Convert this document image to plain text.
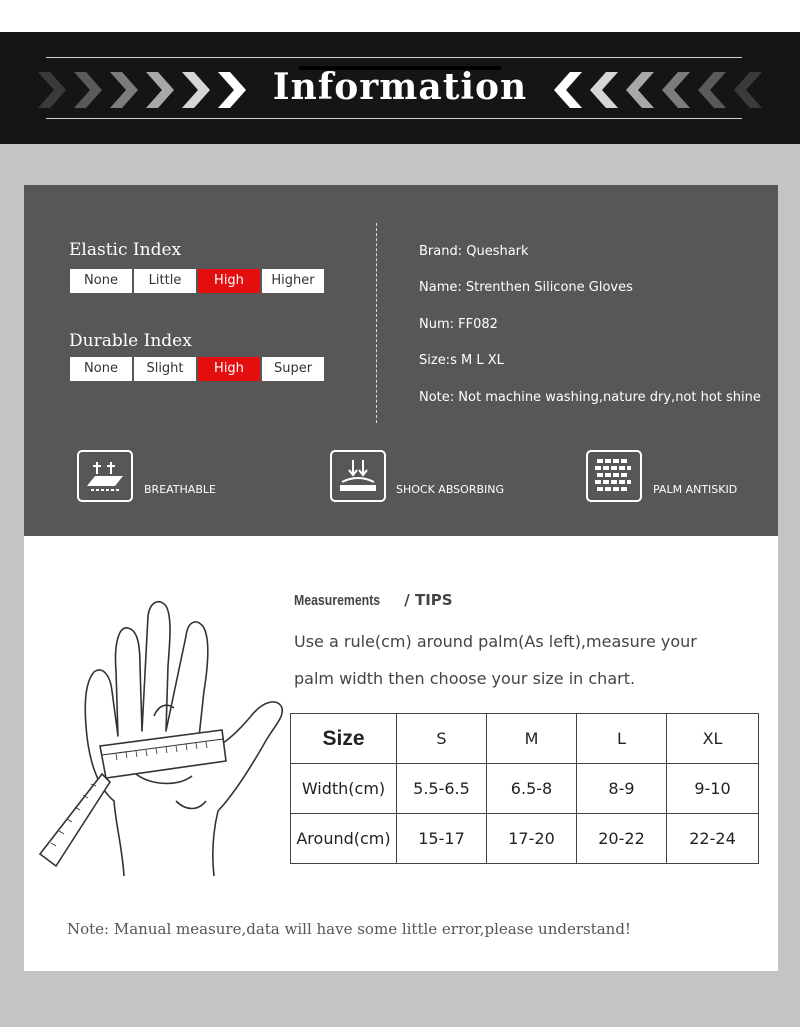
Information
Elastic Index
None	Little	High	Higher
Durable Index
None	Slight	High	Super
Brand: Queshark
Name: Strenthen Silicone Gloves
Num: FF082
Size:s M L XL
Note: Not machine washing,nature dry,not hot shine
BREATHABLE	SHOCK ABSORBING	PALM ANTISKID
Measurements / TIPS
Use a rule(cm) around palm(As left),measure your
palm width then choose your size in chart.
Size	S	M	L	XL
Width(cm)	5.5-6.5	6.5-8	8-9	9-10
Around(cm)	15-17	17-20	20-22	22-24
Note: Manual measure,data will have some little error,please understand!
